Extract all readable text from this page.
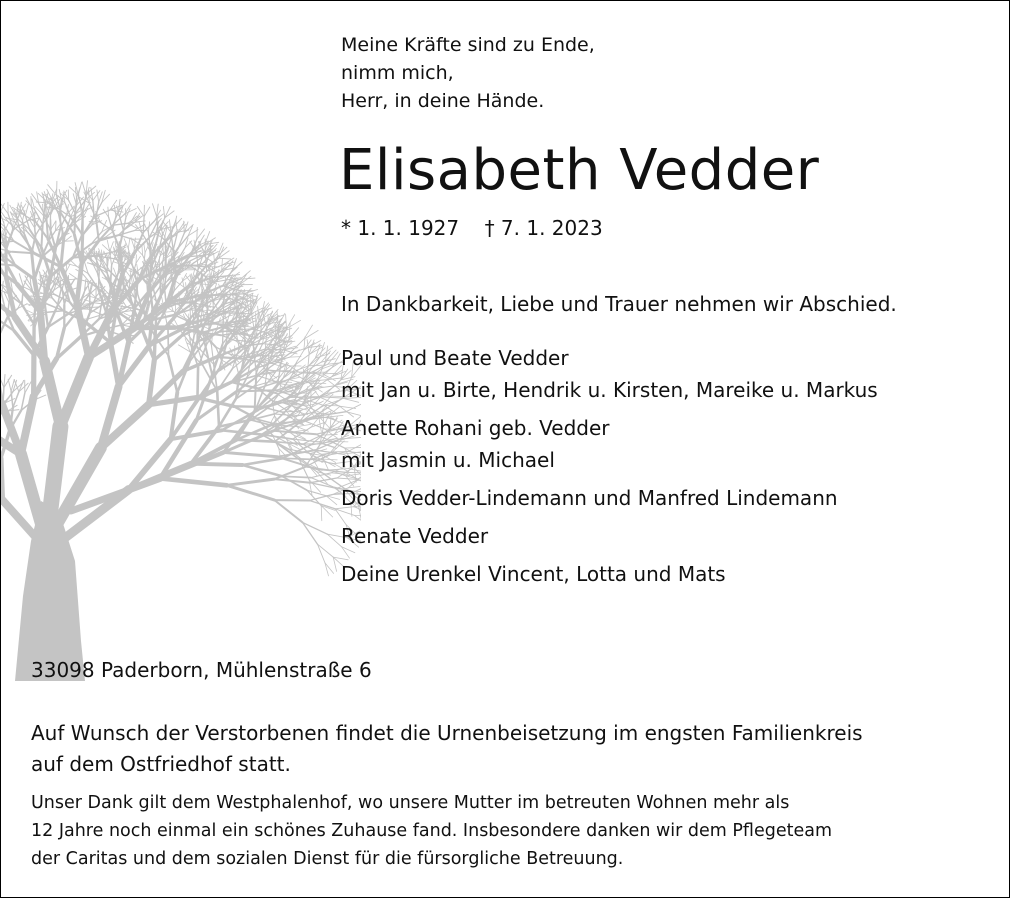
Meine Kräfte sind zu Ende,
nimm mich,
Herr, in deine Hände.
Elisabeth Vedder
* 1. 1. 1927    † 7. 1. 2023
In Dankbarkeit, Liebe und Trauer nehmen wir Abschied.
Paul und Beate Vedder
mit Jan u. Birte, Hendrik u. Kirsten, Mareike u. Markus
Anette Rohani geb. Vedder
mit Jasmin u. Michael
Doris Vedder-Lindemann und Manfred Lindemann
Renate Vedder
Deine Urenkel Vincent, Lotta und Mats
33098 Paderborn, Mühlenstraße 6
Auf Wunsch der Verstorbenen findet die Urnenbeisetzung im engsten Familienkreis
auf dem Ostfriedhof statt.
Unser Dank gilt dem Westphalenhof, wo unsere Mutter im betreuten Wohnen mehr als
12 Jahre noch einmal ein schönes Zuhause fand. Insbesondere danken wir dem Pflegeteam
der Caritas und dem sozialen Dienst für die fürsorgliche Betreuung.
